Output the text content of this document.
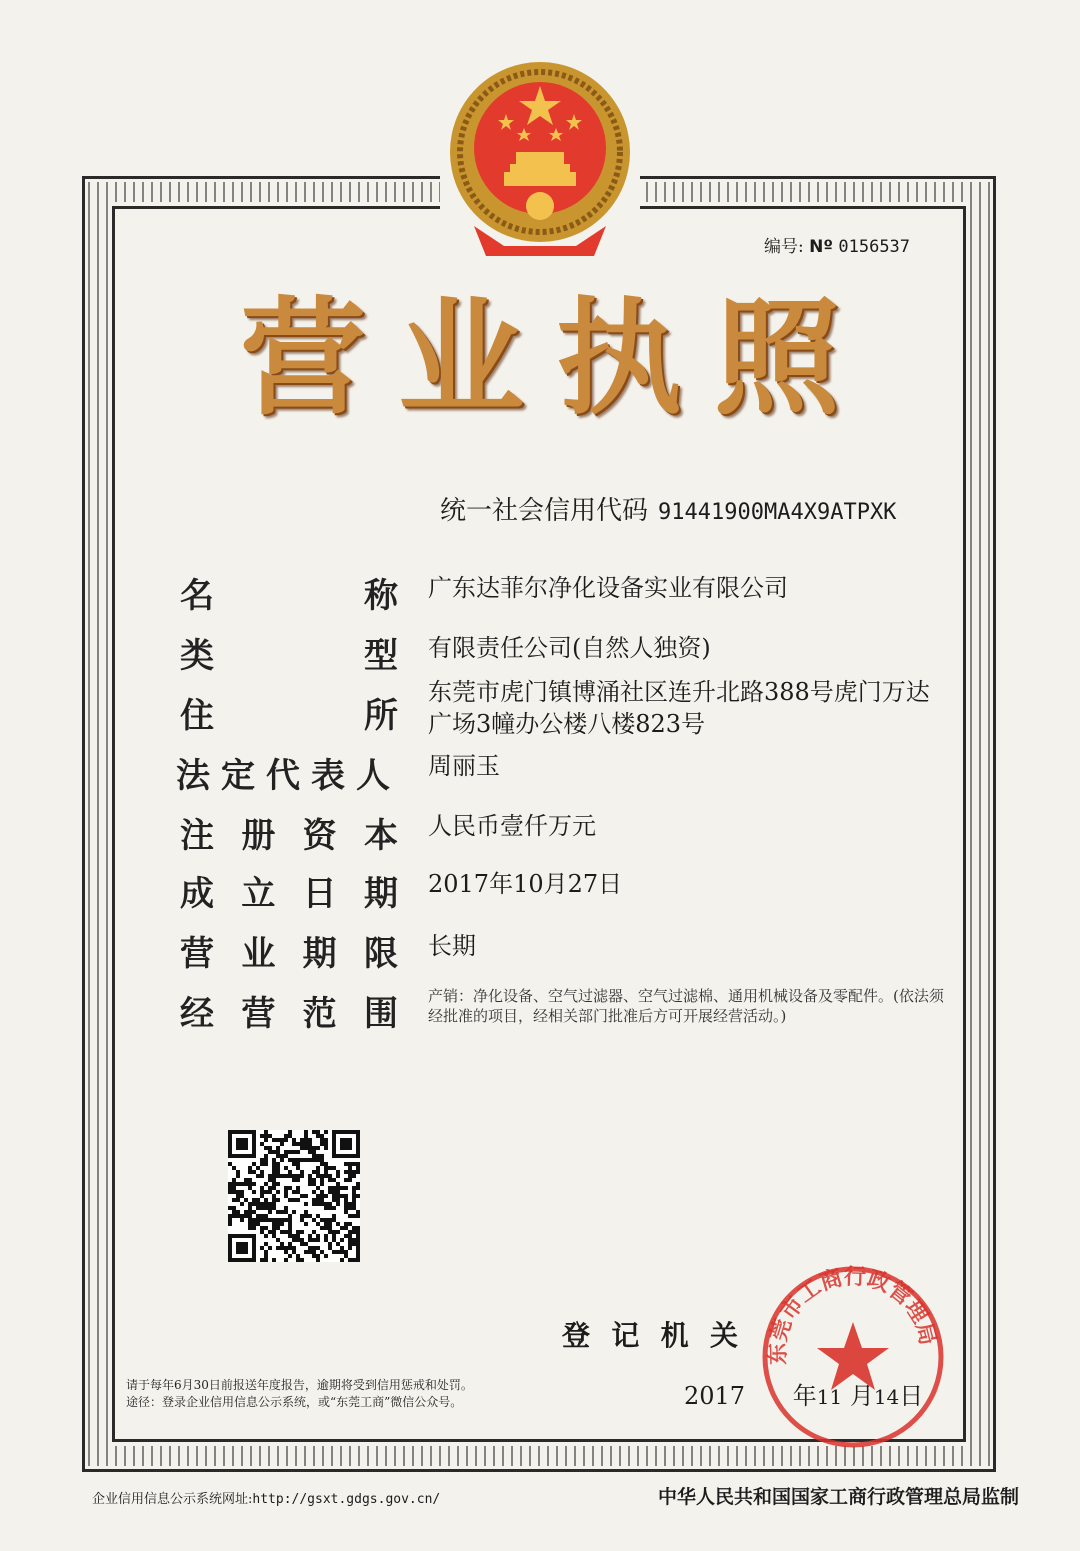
编号: Nº 0156537
营 业 执 照
统一社会信用代码 91441900MA4X9ATPXK
名	称 广东达菲尔净化设备实业有限公司
类	型 有限责任公司(自然人独资)
住	所
东莞市虎门镇博涌社区连升北路388号虎门万达广场3幢办公楼八楼823号
法 定 代 表 人 周丽玉
注 册 资 本 人民币壹仟万元
成 立 日 期 2017年10月27日
营 业 期 限 长期
经 营 范 围 产销：净化设备、空气过滤器、空气过滤棉、通用机械设备及零配件。(依法须经批准的项目，经相关部门批准后方可开展经营活动。)
登 记 机 关
东莞市工商行政管理局
2017 年11 月14日
请于每年6月30日前报送年度报告，逾期将受到信用惩戒和处罚。
途径：登录企业信用信息公示系统，或“东莞工商”微信公众号。
企业信用信息公示系统网址:http://gsxt.gdgs.gov.cn/	中华人民共和国国家工商行政管理总局监制
